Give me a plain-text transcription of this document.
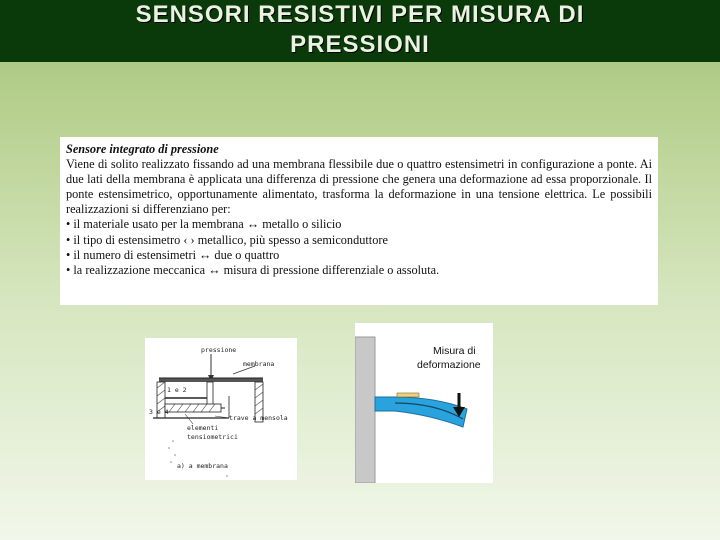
SENSORI RESISTIVI PER MISURA DI
PRESSIONI
Sensore integrato di pressione
Viene di solito realizzato fissando ad una membrana flessibile due o quattro estensimetri in configurazione a ponte. Ai due lati della membrana è applicata una differenza di pressione che genera una deformazione ad essa proporzionale. Il ponte estensimetrico, opportunamente alimentato, trasforma la deformazione in una tensione elettrica. Le possibili realizzazioni si differenziano per:
• il materiale usato per la membrana ↔ metallo o silicio
• il tipo di estensimetro ‹ › metallico, più spesso a semiconduttore
• il numero di estensimetri ↔ due o quattro
• la realizzazione meccanica ↔ misura di pressione differenziale o assoluta.
pressione
membrana
1 e 2
3 e 4
trave a mensola
elementi
tensiometrici
a) a membrana
Misura di
deformazione
